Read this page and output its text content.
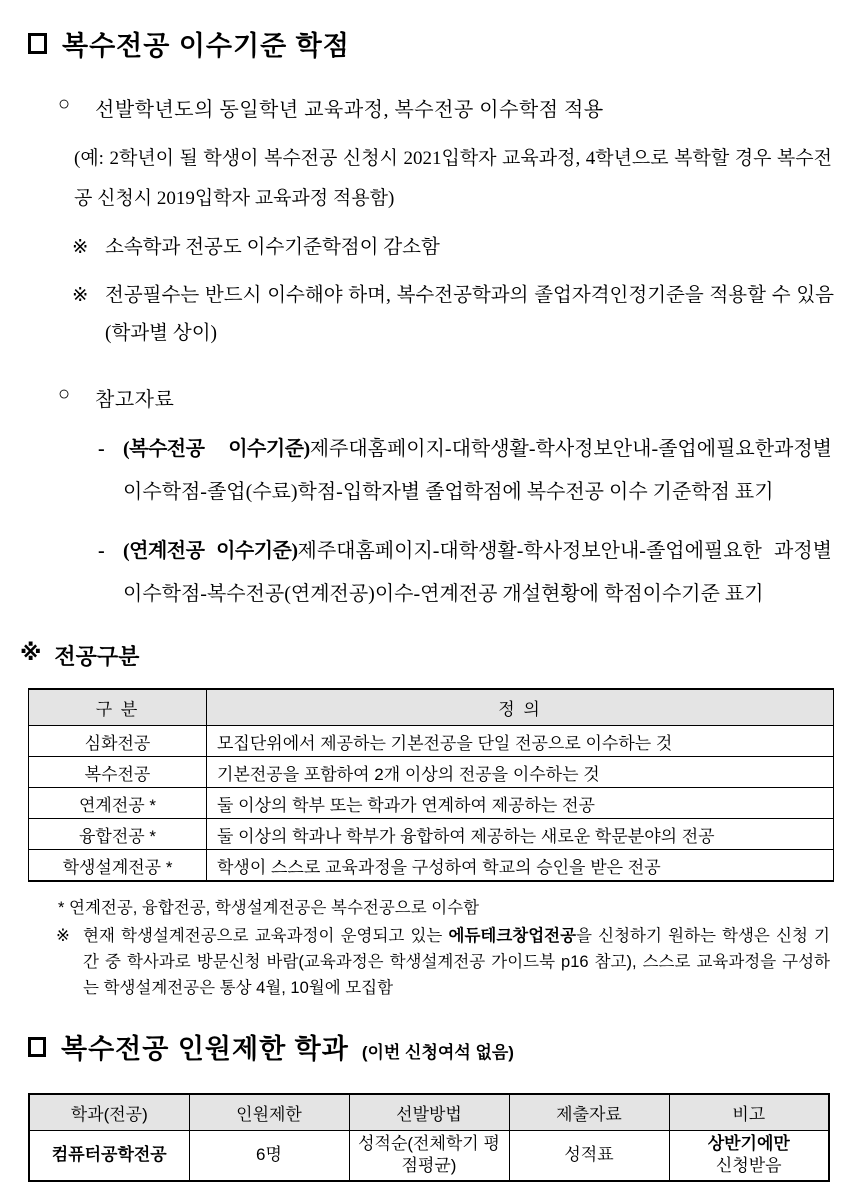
복수전공 이수기준 학점
○	선발학년도의 동일학년 교육과정, 복수전공 이수학점 적용
(예: 2학년이 될 학생이 복수전공 신청시 2021입학자 교육과정, 4학년으로 복학할 경우 복수전공 신청시 2019입학자 교육과정 적용함)
※ 소속학과 전공도 이수기준학점이 감소함
※ 전공필수는 반드시 이수해야 하며, 복수전공학과의 졸업자격인정기준을 적용할 수 있음(학과별 상이)
○	참고자료
- (복수전공 이수기준)제주대홈페이지-대학생활-학사정보안내-졸업에필요한과정별 이수학점-졸업(수료)학점-입학자별 졸업학점에 복수전공 이수 기준학점 표기
- (연계전공 이수기준)제주대홈페이지-대학생활-학사정보안내-졸업에필요한 과정별이수학점-복수전공(연계전공)이수-연계전공 개설현황에 학점이수기준 표기
※ 전공구분
구 분	정 의
심화전공	모집단위에서 제공하는 기본전공을 단일 전공으로 이수하는 것
복수전공	기본전공을 포함하여 2개 이상의 전공을 이수하는 것
연계전공 *	둘 이상의 학부 또는 학과가 연계하여 제공하는 전공
융합전공 *	둘 이상의 학과나 학부가 융합하여 제공하는 새로운 학문분야의 전공
학생설계전공 *	학생이 스스로 교육과정을 구성하여 학교의 승인을 받은 전공
* 연계전공, 융합전공, 학생설계전공은 복수전공으로 이수함
※ 현재 학생설계전공으로 교육과정이 운영되고 있는 에듀테크창업전공을 신청하기 원하는 학생은 신청 기간 중 학사과로 방문신청 바람(교육과정은 학생설계전공 가이드북 p16 참고), 스스로 교육과정을 구성하는 학생설계전공은 통상 4월, 10월에 모집함
복수전공 인원제한 학과 (이번 신청여석 없음)
학과(전공)	인원제한	선발방법	제출자료	비고
컴퓨터공학전공	6명	성적순(전체학기 평점평균)	성적표	상반기에만
신청받음
